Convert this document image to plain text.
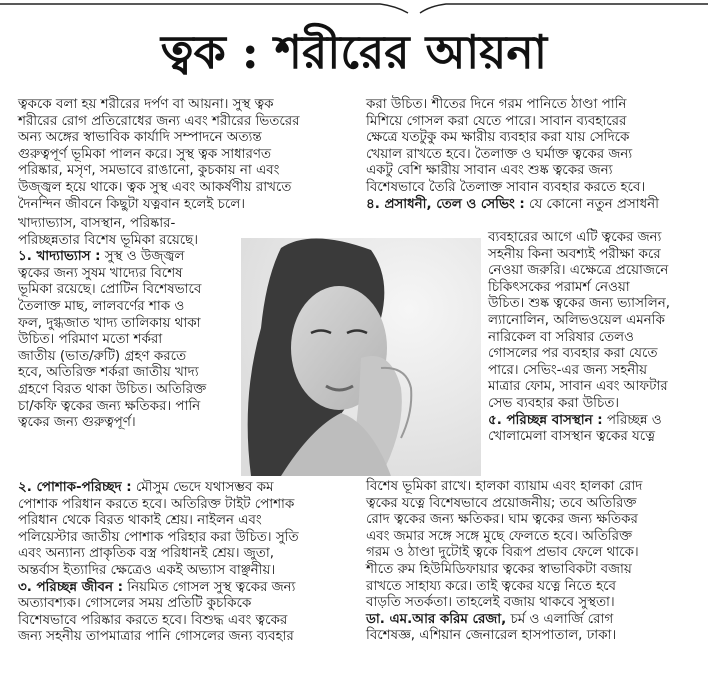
ত্বক : শরীরের আয়না

ত্বককে বলা হয় শরীরের দর্পণ বা আয়না। সুস্থ ত্বক

শরীরের রোগ প্রতিরোধের জন্য এবং শরীরের ভিতরের

অন্য অঙ্গের স্বাভাবিক কার্যাদি সম্পাদনে অত্যন্ত

গুরুত্বপূর্ণ ভূমিকা পালন করে। সুস্থ ত্বক সাধারণত

পরিষ্কার, মসৃণ, সমভাবে রাঙানো, কুচকায় না এবং

উজ্জ্বল হয়ে থাকে। ত্বক সুস্থ এবং আকর্ষণীয় রাখতে

দৈনন্দিন জীবনে কিছুটা যত্নবান হলেই চলে।

খাদ্যাভ্যাস, বাসস্থান, পরিষ্কার-

পরিচ্ছন্নতার বিশেষ ভূমিকা রয়েছে।

১. খাদ্যাভ্যাস : সুস্থ ও উজ্জ্বল

ত্বকের জন্য সুষম খাদ্যের বিশেষ

ভূমিকা রয়েছে। প্রোটিন বিশেষভাবে

তৈলাক্ত মাছ, লালবর্ণের শাক ও

ফল, দুগ্ধজাত খাদ্য তালিকায় থাকা

উচিত। পরিমাণ মতো শর্করা

জাতীয় (ভাত/রুটি) গ্রহণ করতে

হবে, অতিরিক্ত শর্করা জাতীয় খাদ্য

গ্রহণে বিরত থাকা উচিত। অতিরিক্ত

চা/কফি ত্বকের জন্য ক্ষতিকর। পানি

ত্বকের জন্য গুরুত্বপূর্ণ।

২. পোশাক-পরিচ্ছদ : মৌসুম ভেদে যথাসম্ভব কম

পোশাক পরিধান করতে হবে। অতিরিক্ত টাইট পোশাক

পরিধান থেকে বিরত থাকাই শ্রেয়। নাইলন এবং

পলিয়েস্টার জাতীয় পোশাক পরিহার করা উচিত। সুতি

এবং অন্যান্য প্রাকৃতিক বস্ত্র পরিধানই শ্রেয়। জুতা,

অন্তর্বাস ইত্যাদির ক্ষেত্রেও একই অভ্যাস বাঞ্ছনীয়।

৩. পরিচ্ছন্ন জীবন : নিয়মিত গোসল সুস্থ ত্বকের জন্য

অত্যাবশ্যক। গোসলের সময় প্রতিটি কুচকিকে

বিশেষভাবে পরিষ্কার করতে হবে। বিশুদ্ধ এবং ত্বকের

জন্য সহনীয় তাপমাত্রার পানি গোসলের জন্য ব্যবহার

করা উচিত। শীতের দিনে গরম পানিতে ঠাণ্ডা পানি

মিশিয়ে গোসল করা যেতে পারে। সাবান ব্যবহারের

ক্ষেত্রে যতটুকু কম ক্ষারীয় ব্যবহার করা যায় সেদিকে

খেয়াল রাখতে হবে। তৈলাক্ত ও ঘর্মাক্ত ত্বকের জন্য

একটু বেশি ক্ষারীয় সাবান এবং শুষ্ক ত্বকের জন্য

বিশেষভাবে তৈরি তৈলাক্ত সাবান ব্যবহার করতে হবে।

৪. প্রসাধনী, তেল ও সেভিং : যে কোনো নতুন প্রসাধনী

ব্যবহারের আগে এটি ত্বকের জন্য

সহনীয় কিনা অবশ্যই পরীক্ষা করে

নেওয়া জরুরি। এক্ষেত্রে প্রয়োজনে

চিকিৎসকের পরামর্শ নেওয়া

উচিত। শুষ্ক ত্বকের জন্য ভ্যাসলিন,

ল্যানোলিন, অলিভওয়েল এমনকি

নারিকেল বা সরিষার তেলও

গোসলের পর ব্যবহার করা যেতে

পারে। সেভিং-এর জন্য সহনীয়

মাত্রার ফোম, সাবান এবং আফটার

সেভ ব্যবহার করা উচিত।

৫. পরিচ্ছন্ন বাসস্থান : পরিচ্ছন্ন ও

খোলামেলা বাসস্থান ত্বকের যত্নে

বিশেষ ভূমিকা রাখে। হালকা ব্যায়াম এবং হালকা রোদ

ত্বকের যত্নে বিশেষভাবে প্রয়োজনীয়; তবে অতিরিক্ত

রোদ ত্বকের জন্য ক্ষতিকর। ঘাম ত্বকের জন্য ক্ষতিকর

এবং জমার সঙ্গে সঙ্গে মুছে ফেলতে হবে। অতিরিক্ত

গরম ও ঠাণ্ডা দুটোই ত্বকে বিরূপ প্রভাব ফেলে থাকে।

শীতে রুম হিউমিডিফায়ার ত্বকের স্বাভাবিকটা বজায়

রাখতে সাহায্য করে। তাই ত্বকের যত্নে নিতে হবে

বাড়তি সতর্কতা। তাহলেই বজায় থাকবে সুস্থতা।

ডা. এম.আর করিম রেজা, চর্ম ও এলার্জি রোগ

বিশেষজ্ঞ, এশিয়ান জেনারেল হাসপাতাল, ঢাকা।
